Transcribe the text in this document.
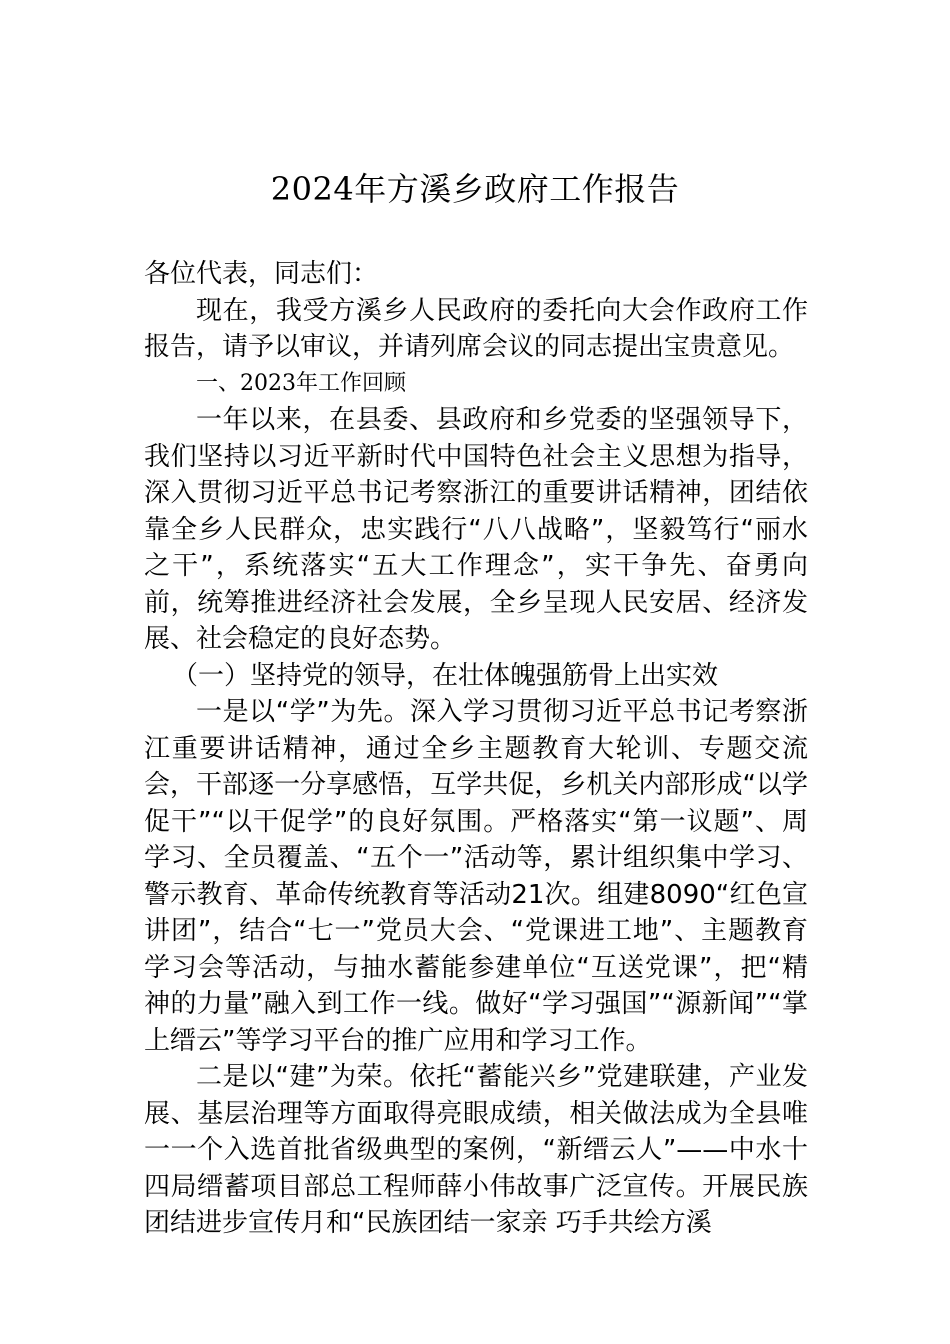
2024年方溪乡政府工作报告

各位代表，同志们：

现在，我受方溪乡人民政府的委托向大会作政府工作报告，请予以审议，并请列席会议的同志提出宝贵意见。

一、2023年工作回顾

一年以来，在县委、县政府和乡党委的坚强领导下，我们坚持以习近平新时代中国特色社会主义思想为指导，深入贯彻习近平总书记考察浙江的重要讲话精神，团结依靠全乡人民群众，忠实践行“八八战略”，坚毅笃行“丽水之干”，系统落实“五大工作理念”，实干争先、奋勇向前，统筹推进经济社会发展，全乡呈现人民安居、经济发展、社会稳定的良好态势。

（一）坚持党的领导，在壮体魄强筋骨上出实效

一是以“学”为先。深入学习贯彻习近平总书记考察浙江重要讲话精神，通过全乡主题教育大轮训、专题交流会，干部逐一分享感悟，互学共促，乡机关内部形成“以学促干”“以干促学”的良好氛围。严格落实“第一议题”、周学习、全员覆盖、“五个一”活动等，累计组织集中学习、警示教育、革命传统教育等活动21次。组建8090“红色宣讲团”，结合“七一”党员大会、“党课进工地”、主题教育学习会等活动，与抽水蓄能参建单位“互送党课”，把“精神的力量”融入到工作一线。做好“学习强国”“源新闻”“掌上缙云”等学习平台的推广应用和学习工作。

二是以“建”为荣。依托“蓄能兴乡”党建联建，产业发展、基层治理等方面取得亮眼成绩，相关做法成为全县唯一一个入选首批省级典型的案例，“新缙云人”——中水十四局缙蓄项目部总工程师薛小伟故事广泛宣传。开展民族团结进步宣传月和“民族团结一家亲 巧手共绘方溪
